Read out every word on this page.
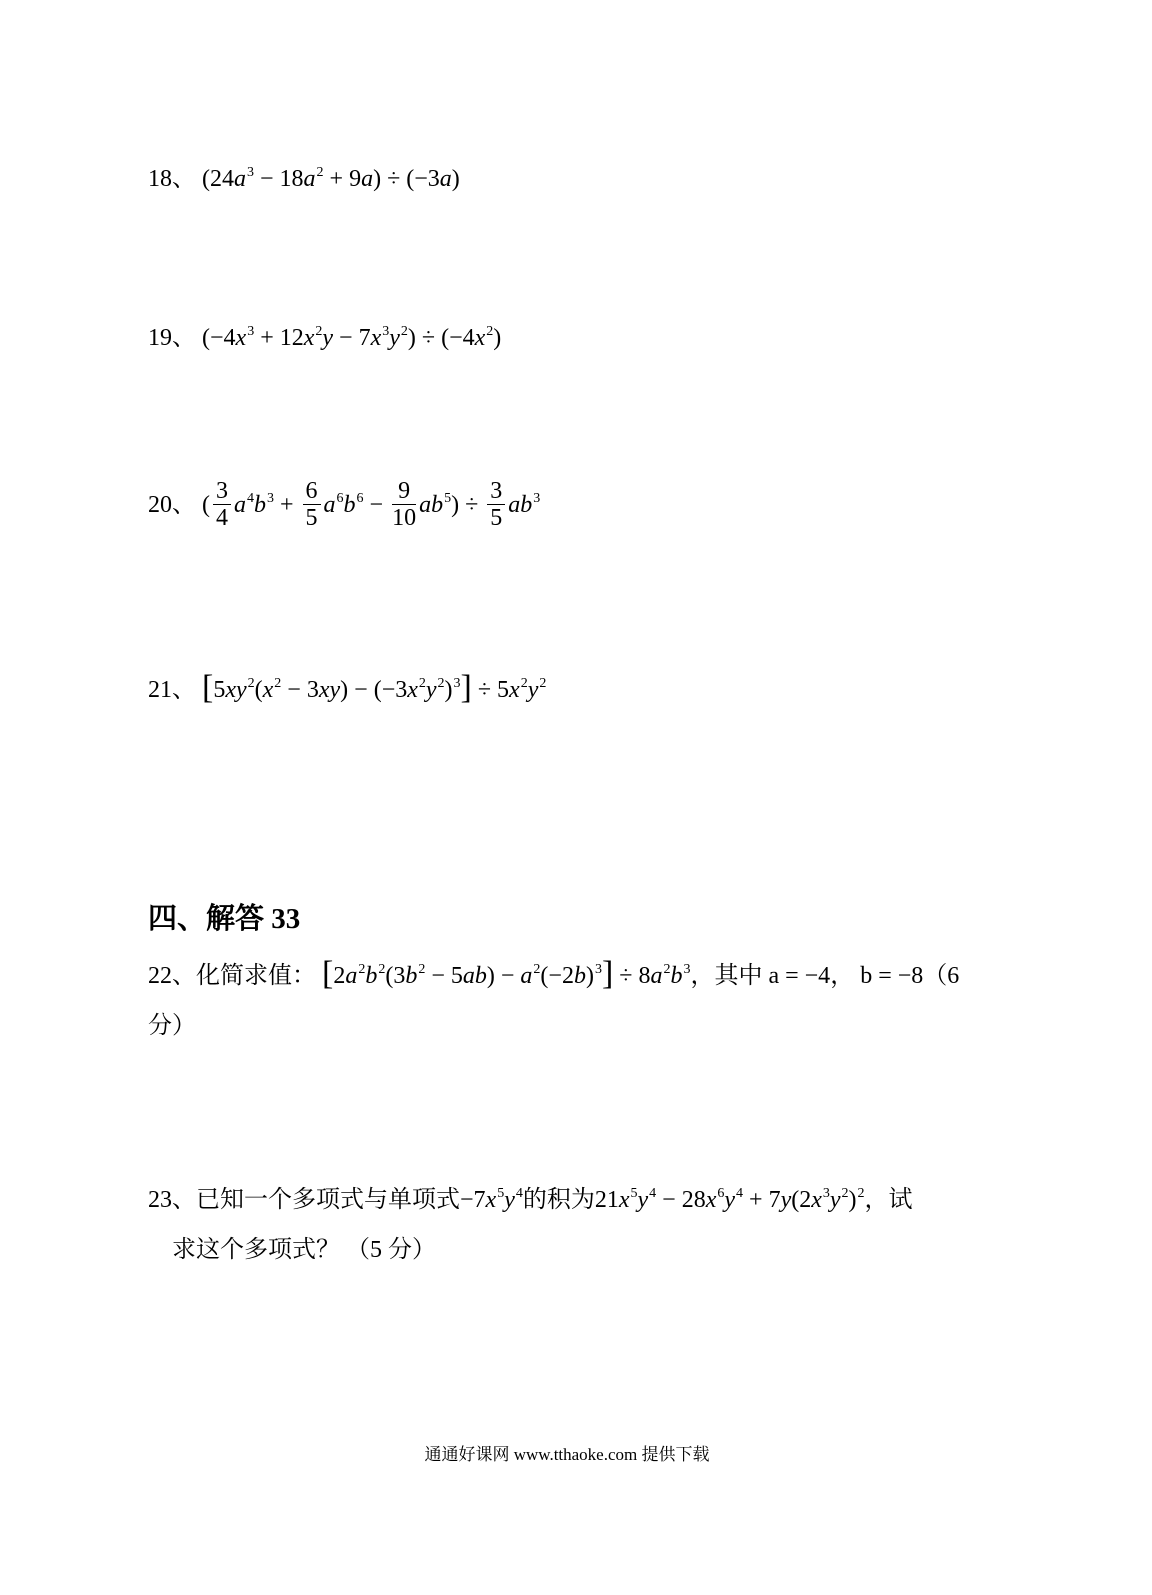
18、 $(24a^3 - 18a^2 + 9a) \div (-3a)$
19、 $(-4x^3 + 12x^2y - 7x^3y^2) \div (-4x^2)$
20、 ( $\frac{3}{4} a^4b^3 + \frac{6}{5} a^6b^6 - \frac{9}{10} ab^5) \div \frac{3}{5} ab^3$
21、 $[5xy^2(x^2 - 3xy) - (-3x^2y^2)^3] \div 5x^2y^2$
四、解答 33
22、化简求值： $[2a^2b^2(3b^2 - 5ab) - a^2(-2b)^3] \div 8a^2b^3$，其中 a = −4， b = −8（6
分）
23、已知一个多项式与单项式$-7x^5y^4$的积为$21x^5y^4 - 28x^6y^4 + 7y(2x^3y^2)^2$，试
求这个多项式？ （5 分）
通通好课网 www.tthaoke.com 提供下载
